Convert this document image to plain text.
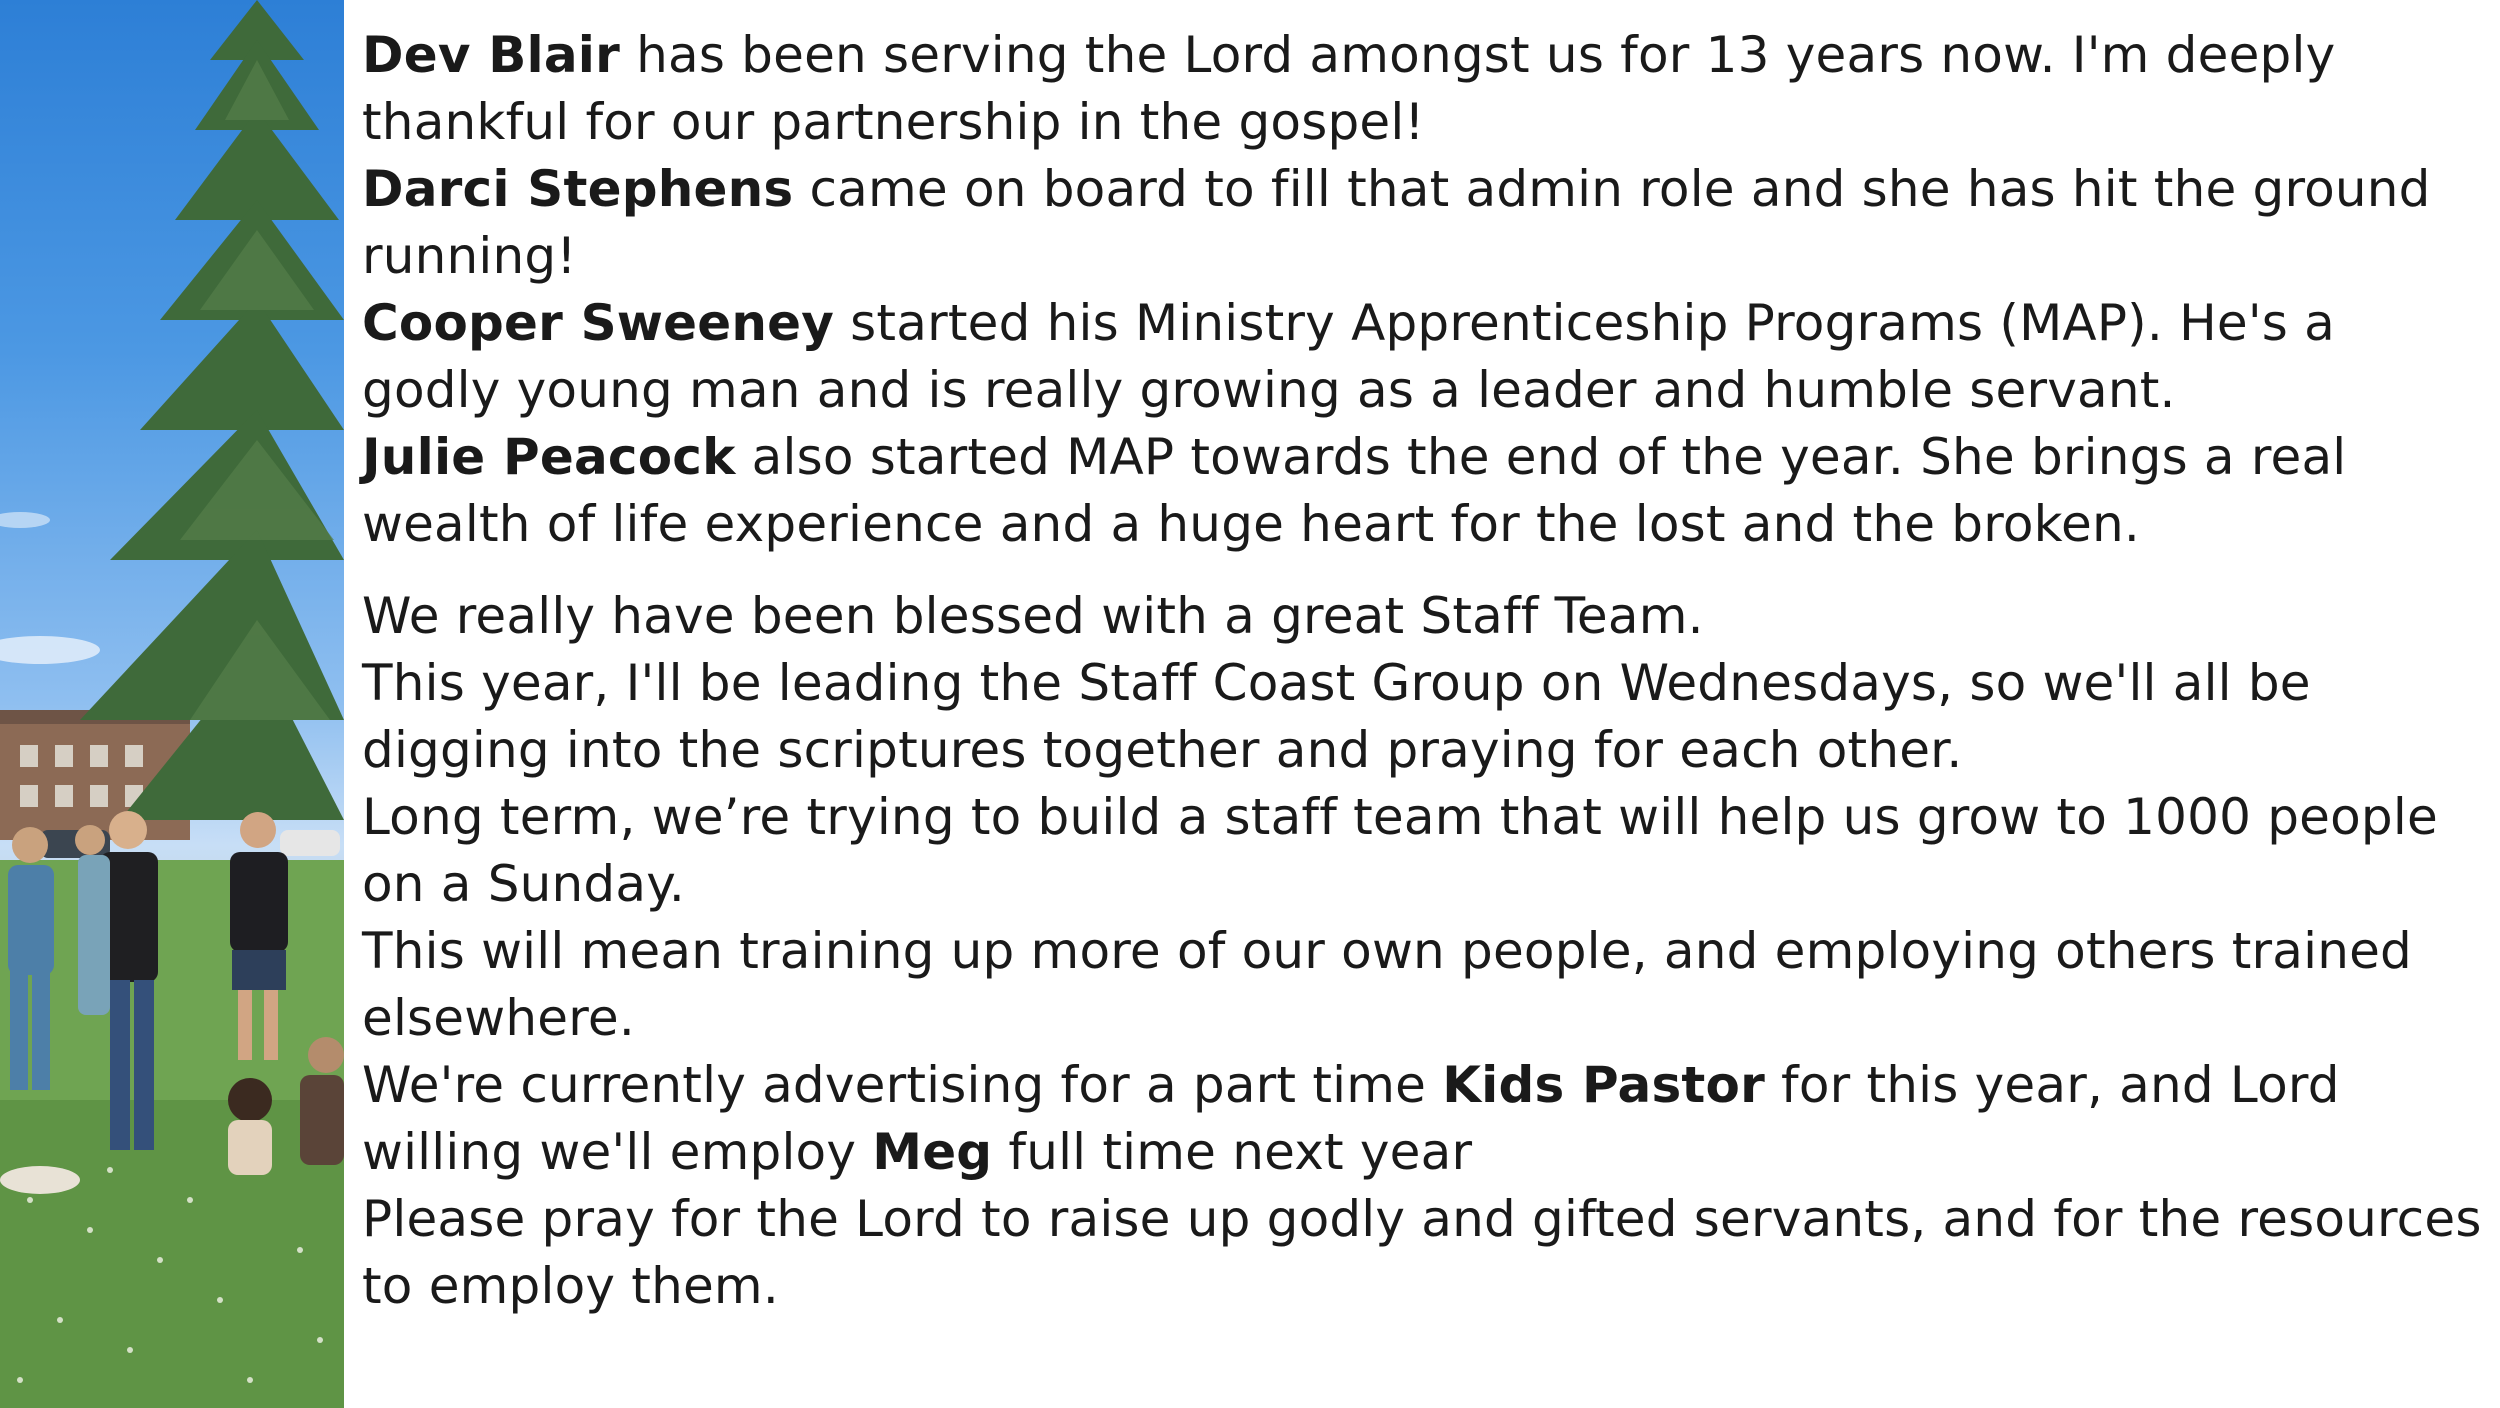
Dev Blair has been serving the Lord amongst us for 13 years now. I'm deeply thankful for our partnership in the gospel!

Darci Stephens came on board to fill that admin role and she has hit the ground running!

Cooper Sweeney started his Ministry Apprenticeship Programs (MAP). He's a godly young man and is really growing as a leader and humble servant.

Julie Peacock also started MAP towards the end of the year. She brings a real wealth of life experience and a huge heart for the lost and the broken.

We really have been blessed with a great Staff Team.

This year, I'll be leading the Staff Coast Group on Wednesdays, so we'll all be digging into the scriptures together and praying for each other.

Long term, we’re trying to build a staff team that will help us grow to 1000 people on a Sunday.

This will mean training up more of our own people, and employing others trained elsewhere.

We're currently advertising for a part time Kids Pastor for this year, and Lord willing we'll employ Meg full time next year

Please pray for the Lord to raise up godly and gifted servants, and for the resources to employ them.
